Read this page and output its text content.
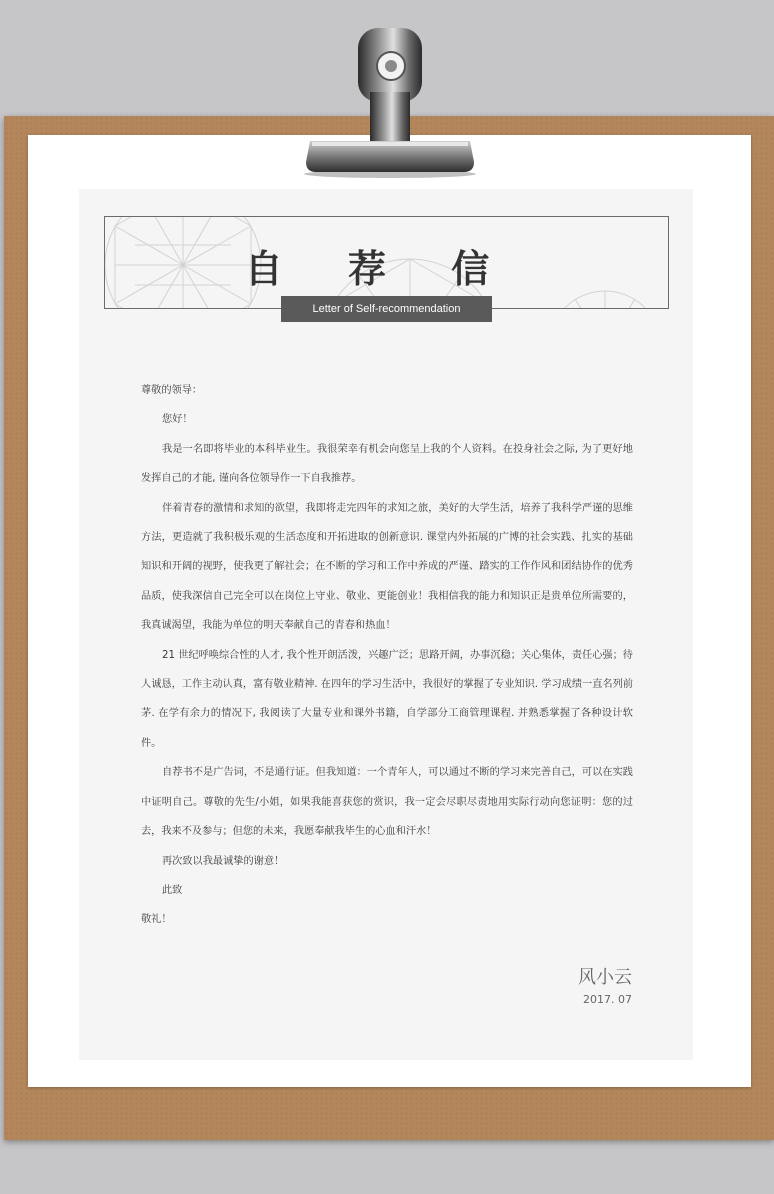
自 荐 信
Letter of Self-recommendation

尊敬的领导：

您好！

我是一名即将毕业的本科毕业生。我很荣幸有机会向您呈上我的个人资料。在投身社会之际, 为了更好地发挥自己的才能, 谨向各位领导作一下自我推荐。

伴着青春的激情和求知的欲望，我即将走完四年的求知之旅，美好的大学生活，培养了我科学严谨的思维方法，更造就了我积极乐观的生活态度和开拓进取的创新意识. 课堂内外拓展的广博的社会实践、扎实的基础知识和开阔的视野，使我更了解社会；在不断的学习和工作中养成的严谨、踏实的工作作风和团结协作的优秀品质，使我深信自己完全可以在岗位上守业、敬业、更能创业！我相信我的能力和知识正是贵单位所需要的，我真诚渴望，我能为单位的明天奉献自己的青春和热血！

21 世纪呼唤综合性的人才, 我个性开朗活泼，兴趣广泛；思路开阔，办事沉稳；关心集体，责任心强；待人诚恳，工作主动认真，富有敬业精神. 在四年的学习生活中，我很好的掌握了专业知识. 学习成绩一直名列前茅. 在学有余力的情况下, 我阅读了大量专业和课外书籍，自学部分工商管理课程. 并熟悉掌握了各种设计软件。

自荐书不是广告词，不是通行证。但我知道：一个青年人，可以通过不断的学习来完善自己，可以在实践中证明自己。尊敬的先生/小姐，如果我能喜获您的赏识，我一定会尽职尽责地用实际行动向您证明：您的过去，我来不及参与；但您的未来，我愿奉献我毕生的心血和汗水！

再次致以我最诚挚的谢意！

此致

敬礼！

风小云
2017. 07
